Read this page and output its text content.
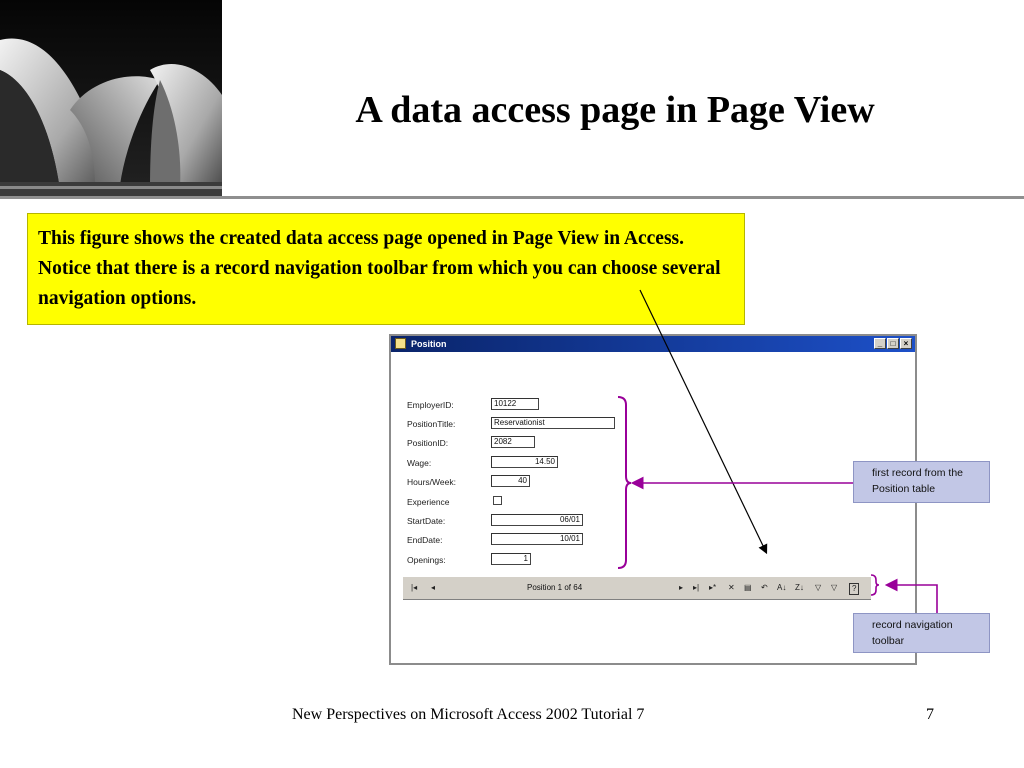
A data access page in Page View
This figure shows the created data access page opened in Page View in Access. Notice that there is a record navigation toolbar from which you can choose several navigation options.
Position	_	□	×
EmployerID:	10122
PositionTitle:	Reservationist
PositionID:	2082
Wage:	14.50
Hours/Week:	40
Experience
StartDate:	06/01
EndDate:	10/01
Openings:	1
|◂ ◂	Position 1 of 64	▸ ▸| ▸* ✕ ▤ ↶ A↓ Z↓ ▽ ▽	?
first record from the Position table
record navigation toolbar
New Perspectives on Microsoft Access 2002 Tutorial 7	7
